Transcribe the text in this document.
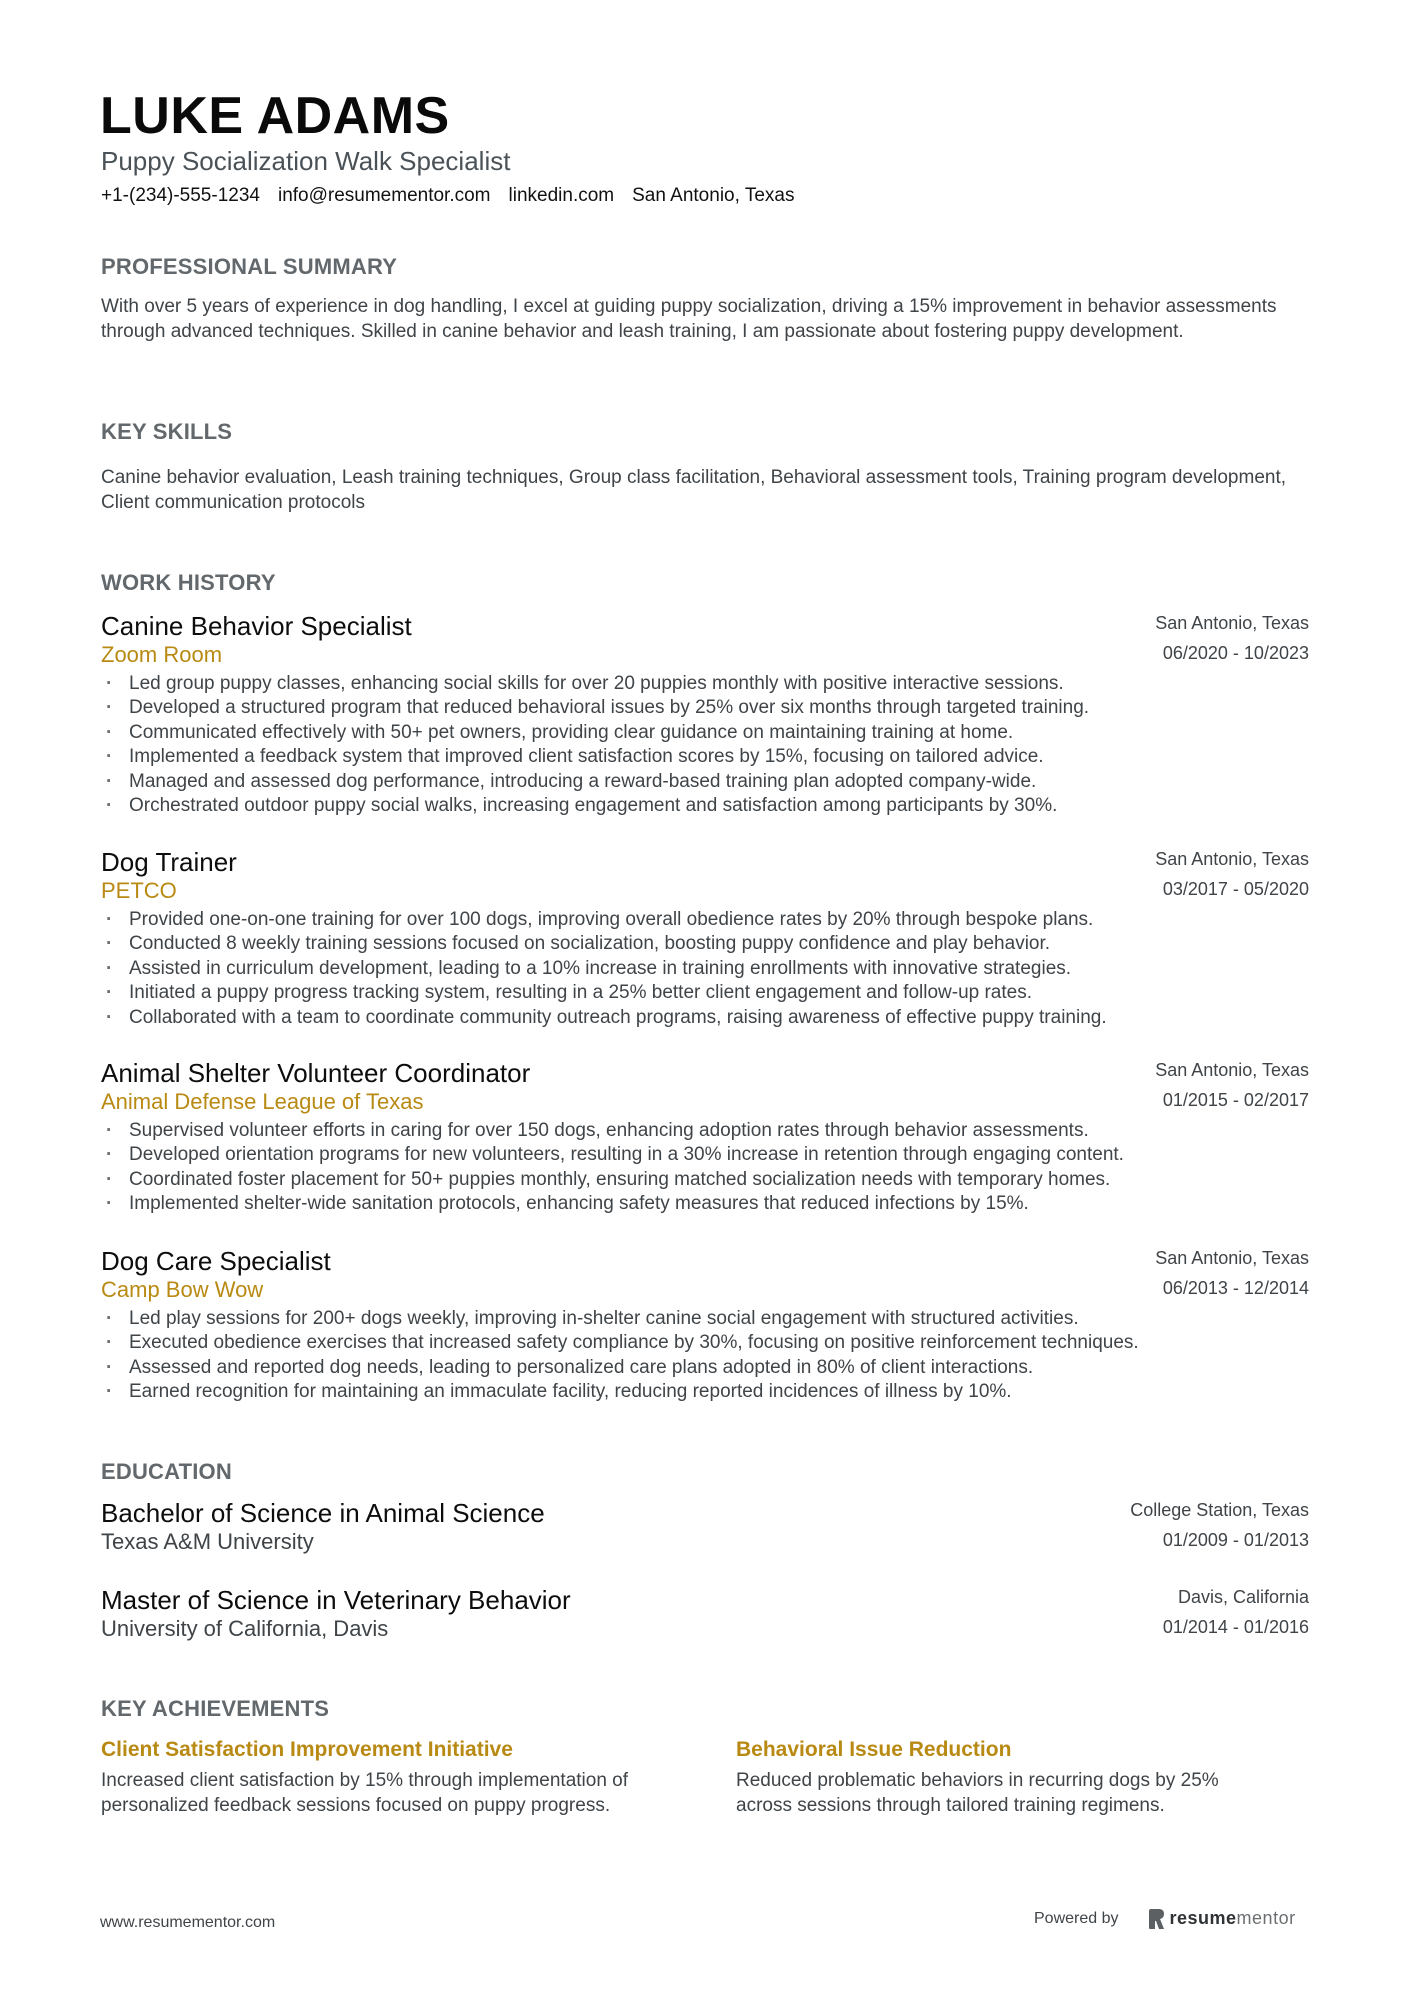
LUKE ADAMS
Puppy Socialization Walk Specialist
+1-(234)-555-1234 info@resumementor.com linkedin.com San Antonio, Texas
PROFESSIONAL SUMMARY
With over 5 years of experience in dog handling, I excel at guiding puppy socialization, driving a 15% improvement in behavior assessments through advanced techniques. Skilled in canine behavior and leash training, I am passionate about fostering puppy development.
KEY SKILLS
Canine behavior evaluation, Leash training techniques, Group class facilitation, Behavioral assessment tools, Training program development, Client communication protocols
WORK HISTORY
Canine Behavior Specialist
Zoom Room
San Antonio, Texas
06/2020 - 10/2023
· Led group puppy classes, enhancing social skills for over 20 puppies monthly with positive interactive sessions.
· Developed a structured program that reduced behavioral issues by 25% over six months through targeted training.
· Communicated effectively with 50+ pet owners, providing clear guidance on maintaining training at home.
· Implemented a feedback system that improved client satisfaction scores by 15%, focusing on tailored advice.
· Managed and assessed dog performance, introducing a reward-based training plan adopted company-wide.
· Orchestrated outdoor puppy social walks, increasing engagement and satisfaction among participants by 30%.
Dog Trainer
PETCO
San Antonio, Texas
03/2017 - 05/2020
· Provided one-on-one training for over 100 dogs, improving overall obedience rates by 20% through bespoke plans.
· Conducted 8 weekly training sessions focused on socialization, boosting puppy confidence and play behavior.
· Assisted in curriculum development, leading to a 10% increase in training enrollments with innovative strategies.
· Initiated a puppy progress tracking system, resulting in a 25% better client engagement and follow-up rates.
· Collaborated with a team to coordinate community outreach programs, raising awareness of effective puppy training.
Animal Shelter Volunteer Coordinator
Animal Defense League of Texas
San Antonio, Texas
01/2015 - 02/2017
· Supervised volunteer efforts in caring for over 150 dogs, enhancing adoption rates through behavior assessments.
· Developed orientation programs for new volunteers, resulting in a 30% increase in retention through engaging content.
· Coordinated foster placement for 50+ puppies monthly, ensuring matched socialization needs with temporary homes.
· Implemented shelter-wide sanitation protocols, enhancing safety measures that reduced infections by 15%.
Dog Care Specialist
Camp Bow Wow
San Antonio, Texas
06/2013 - 12/2014
· Led play sessions for 200+ dogs weekly, improving in-shelter canine social engagement with structured activities.
· Executed obedience exercises that increased safety compliance by 30%, focusing on positive reinforcement techniques.
· Assessed and reported dog needs, leading to personalized care plans adopted in 80% of client interactions.
· Earned recognition for maintaining an immaculate facility, reducing reported incidences of illness by 10%.
EDUCATION
Bachelor of Science in Animal Science
Texas A&M University
College Station, Texas
01/2009 - 01/2013
Master of Science in Veterinary Behavior
University of California, Davis
Davis, California
01/2014 - 01/2016
KEY ACHIEVEMENTS
Client Satisfaction Improvement Initiative
Increased client satisfaction by 15% through implementation of personalized feedback sessions focused on puppy progress.
Behavioral Issue Reduction
Reduced problematic behaviors in recurring dogs by 25% across sessions through tailored training regimens.
www.resumementor.com	Powered by	resume mentor
